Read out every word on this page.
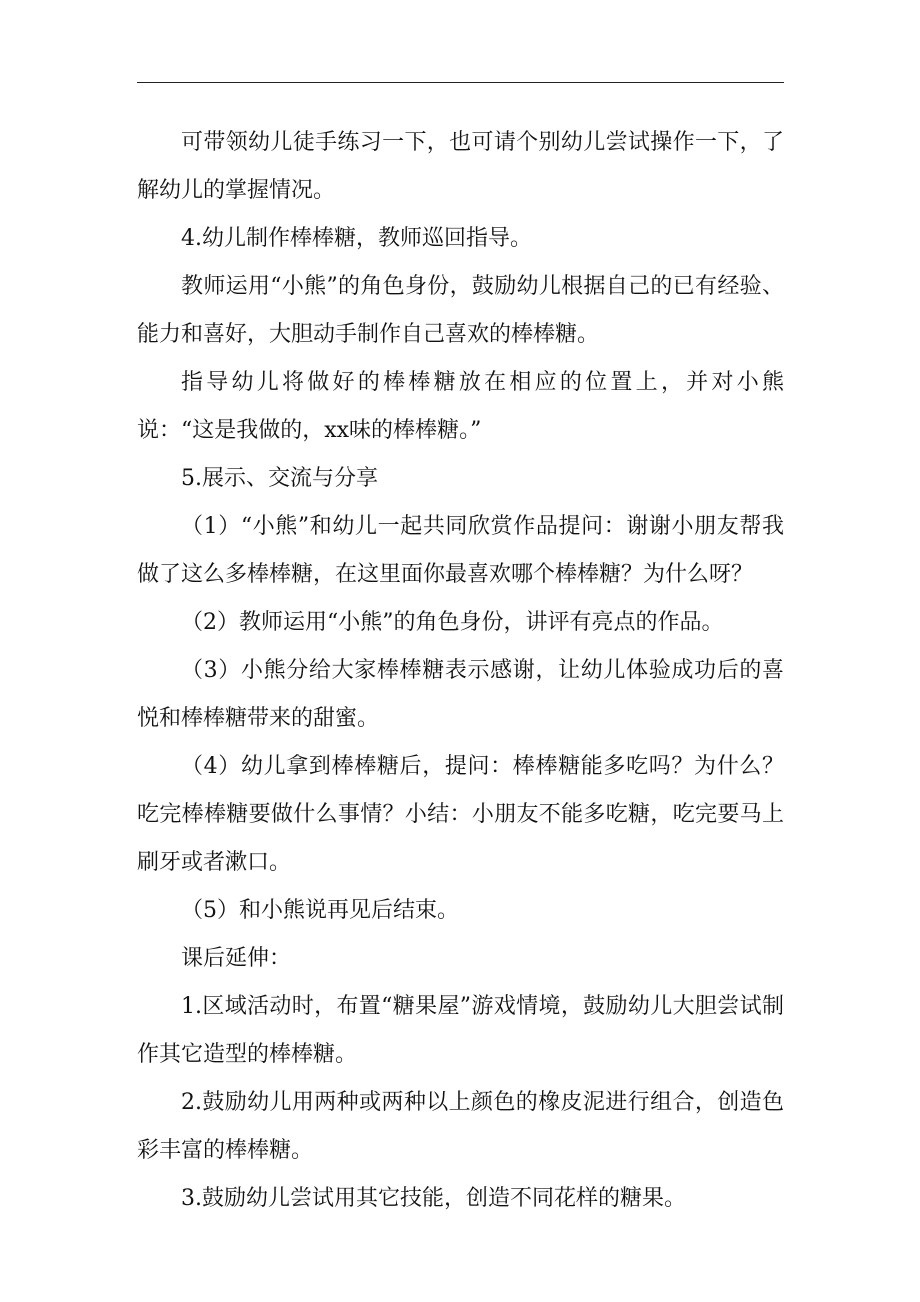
可带领幼儿徒手练习一下，也可请个别幼儿尝试操作一下，了解幼儿的掌握情况。

4.幼儿制作棒棒糖，教师巡回指导。

教师运用“小熊”的角色身份，鼓励幼儿根据自己的已有经验、能力和喜好，大胆动手制作自己喜欢的棒棒糖。

指导幼儿将做好的棒棒糖放在相应的位置上，并对小熊说：“这是我做的，xx味的棒棒糖。”

5.展示、交流与分享

（1）“小熊”和幼儿一起共同欣赏作品提问：谢谢小朋友帮我做了这么多棒棒糖，在这里面你最喜欢哪个棒棒糖？为什么呀？

（2）教师运用“小熊”的角色身份，讲评有亮点的作品。

（3）小熊分给大家棒棒糖表示感谢，让幼儿体验成功后的喜悦和棒棒糖带来的甜蜜。

（4）幼儿拿到棒棒糖后，提问：棒棒糖能多吃吗？为什么？吃完棒棒糖要做什么事情？小结：小朋友不能多吃糖，吃完要马上刷牙或者漱口。

（5）和小熊说再见后结束。

课后延伸：

1.区域活动时，布置“糖果屋”游戏情境，鼓励幼儿大胆尝试制作其它造型的棒棒糖。

2.鼓励幼儿用两种或两种以上颜色的橡皮泥进行组合，创造色彩丰富的棒棒糖。

3.鼓励幼儿尝试用其它技能，创造不同花样的糖果。
